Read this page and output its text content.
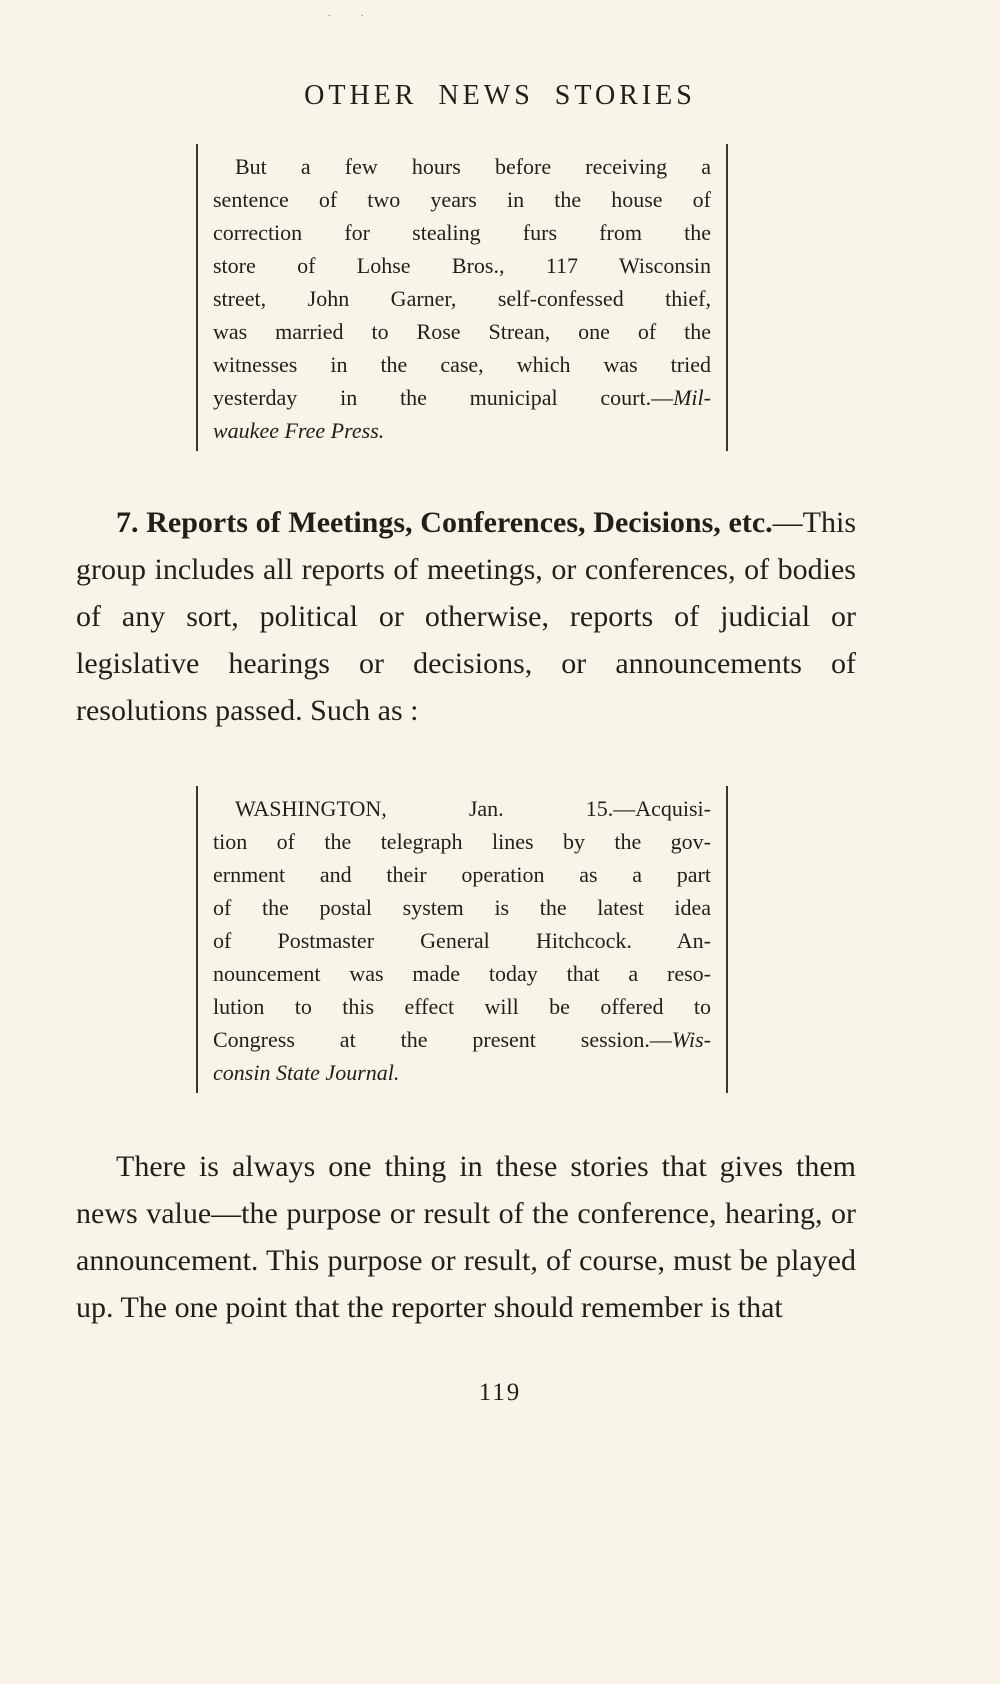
. .
OTHER NEWS STORIES
But a few hours before receiving a
sentence of two years in the house of
correction for stealing furs from the
store of Lohse Bros., 117 Wisconsin
street, John Garner, self-confessed thief,
was married to Rose Strean, one of the
witnesses in the case, which was tried
yesterday in the municipal court.—Mil-
waukee Free Press.

7. Reports of Meetings, Conferences, Decisions, etc.—This group includes all reports of meetings, or conferences, of bodies of any sort, political or otherwise, reports of judicial or legislative hearings or decisions, or announcements of resolutions passed. Such as :

WASHINGTON, Jan. 15.—Acquisi-
tion of the telegraph lines by the gov-
ernment and their operation as a part
of the postal system is the latest idea
of Postmaster General Hitchcock. An-
nouncement was made today that a reso-
lution to this effect will be offered to
Congress at the present session.—Wis-
consin State Journal.

There is always one thing in these stories that gives them news value—the purpose or result of the conference, hearing, or announcement. This purpose or result, of course, must be played up. The one point that the reporter should remember is that

119
